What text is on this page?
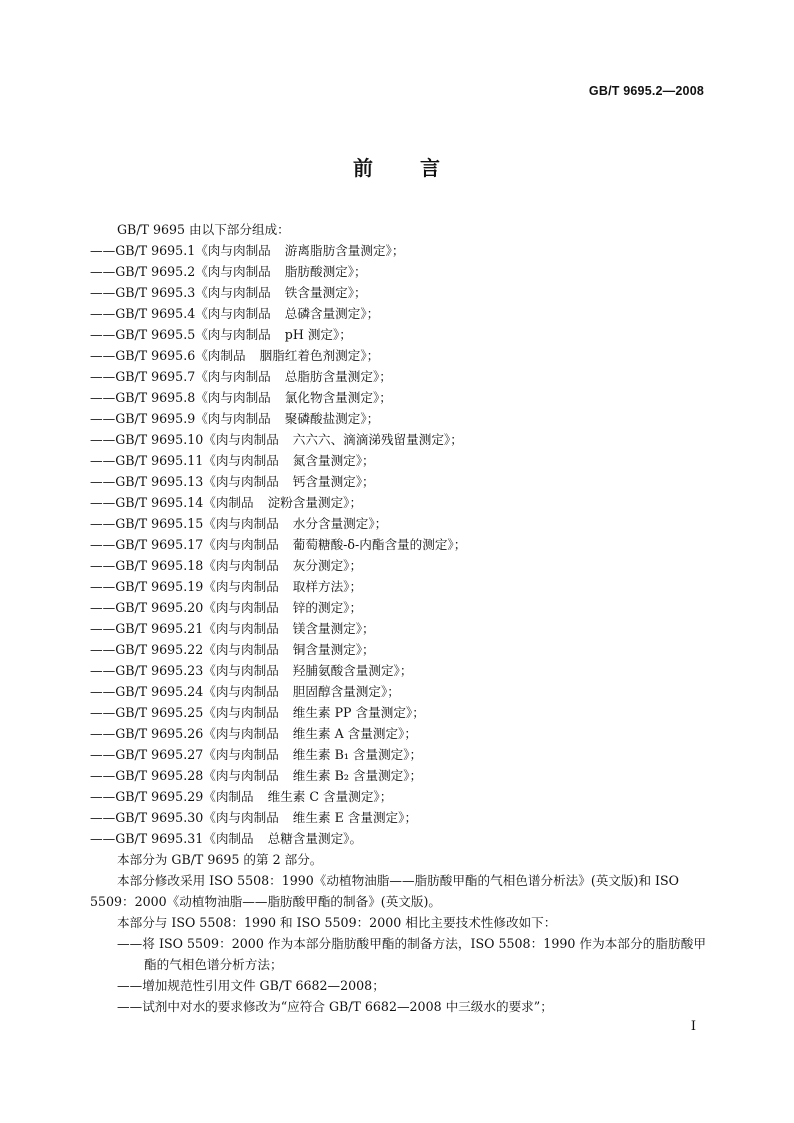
GB/T 9695.2—2008
前 言
GB/T 9695 由以下部分组成：
——GB/T 9695.1《肉与肉制品 游离脂肪含量测定》；
——GB/T 9695.2《肉与肉制品 脂肪酸测定》；
——GB/T 9695.3《肉与肉制品 铁含量测定》；
——GB/T 9695.4《肉与肉制品 总磷含量测定》；
——GB/T 9695.5《肉与肉制品 pH 测定》；
——GB/T 9695.6《肉制品 胭脂红着色剂测定》；
——GB/T 9695.7《肉与肉制品 总脂肪含量测定》；
——GB/T 9695.8《肉与肉制品 氯化物含量测定》；
——GB/T 9695.9《肉与肉制品 聚磷酸盐测定》；
——GB/T 9695.10《肉与肉制品 六六六、滴滴涕残留量测定》；
——GB/T 9695.11《肉与肉制品 氮含量测定》；
——GB/T 9695.13《肉与肉制品 钙含量测定》；
——GB/T 9695.14《肉制品 淀粉含量测定》；
——GB/T 9695.15《肉与肉制品 水分含量测定》；
——GB/T 9695.17《肉与肉制品 葡萄糖酸-δ-内酯含量的测定》；
——GB/T 9695.18《肉与肉制品 灰分测定》；
——GB/T 9695.19《肉与肉制品 取样方法》；
——GB/T 9695.20《肉与肉制品 锌的测定》；
——GB/T 9695.21《肉与肉制品 镁含量测定》；
——GB/T 9695.22《肉与肉制品 铜含量测定》；
——GB/T 9695.23《肉与肉制品 羟脯氨酸含量测定》；
——GB/T 9695.24《肉与肉制品 胆固醇含量测定》；
——GB/T 9695.25《肉与肉制品 维生素 PP 含量测定》；
——GB/T 9695.26《肉与肉制品 维生素 A 含量测定》；
——GB/T 9695.27《肉与肉制品 维生素 B₁ 含量测定》；
——GB/T 9695.28《肉与肉制品 维生素 B₂ 含量测定》；
——GB/T 9695.29《肉制品 维生素 C 含量测定》；
——GB/T 9695.30《肉与肉制品 维生素 E 含量测定》；
——GB/T 9695.31《肉制品 总糖含量测定》。
本部分为 GB/T 9695 的第 2 部分。
本部分修改采用 ISO 5508：1990《动植物油脂——脂肪酸甲酯的气相色谱分析法》(英文版)和 ISO 5509：2000《动植物油脂——脂肪酸甲酯的制备》(英文版)。
本部分与 ISO 5508：1990 和 ISO 5509：2000 相比主要技术性修改如下：
——将 ISO 5509：2000 作为本部分脂肪酸甲酯的制备方法，ISO 5508：1990 作为本部分的脂肪酸甲酯的气相色谱分析方法；
——增加规范性引用文件 GB/T 6682—2008；
——试剂中对水的要求修改为“应符合 GB/T 6682—2008 中三级水的要求”；
I
